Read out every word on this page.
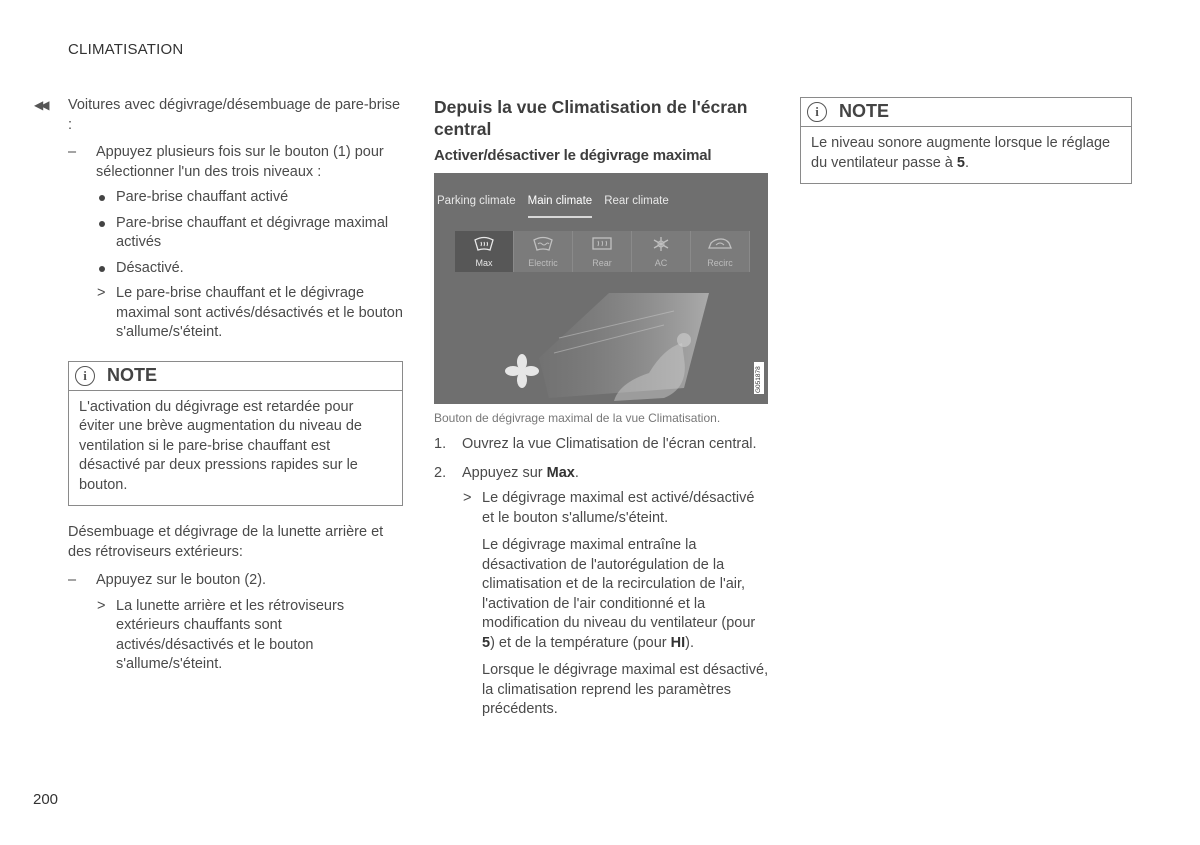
CLIMATISATION
◀◀ Voitures avec dégivrage/désembuage de pare-brise :

– Appuyez plusieurs fois sur le bouton (1) pour sélectionner l'un des trois niveaux :
Pare-brise chauffant activé
Pare-brise chauffant et dégivrage maximal activés
Désactivé.
> Le pare-brise chauffant et le dégivrage maximal sont activés/désactivés et le bouton s'allume/s'éteint.
i	NOTE
L'activation du dégivrage est retardée pour éviter une brève augmentation du niveau de ventilation si le pare-brise chauffant est désactivé par deux pressions rapides sur le bouton.

Désembuage et dégivrage de la lunette arrière et des rétroviseurs extérieurs:

– Appuyez sur le bouton (2).
> La lunette arrière et les rétroviseurs extérieurs chauffants sont activés/désactivés et le bouton s'allume/s'éteint.
Depuis la vue Climatisation de l'écran central
Activer/désactiver le dégivrage maximal
Parking climate Main climate Rear climate
Max	Electric	Rear	AC	Recirc
G051878

Bouton de dégivrage maximal de la vue Climatisation.

1. Ouvrez la vue Climatisation de l'écran central.
2. Appuyez sur Max.
> Le dégivrage maximal est activé/désactivé et le bouton s'allume/s'éteint.

Le dégivrage maximal entraîne la désactivation de l'autorégulation de la climatisation et de la recirculation de l'air, l'activation de l'air conditionné et la modification du niveau du ventilateur (pour 5) et de la température (pour HI).

Lorsque le dégivrage maximal est désactivé, la climatisation reprend les paramètres précédents.

i	NOTE
Le niveau sonore augmente lorsque le réglage du ventilateur passe à 5.
200
